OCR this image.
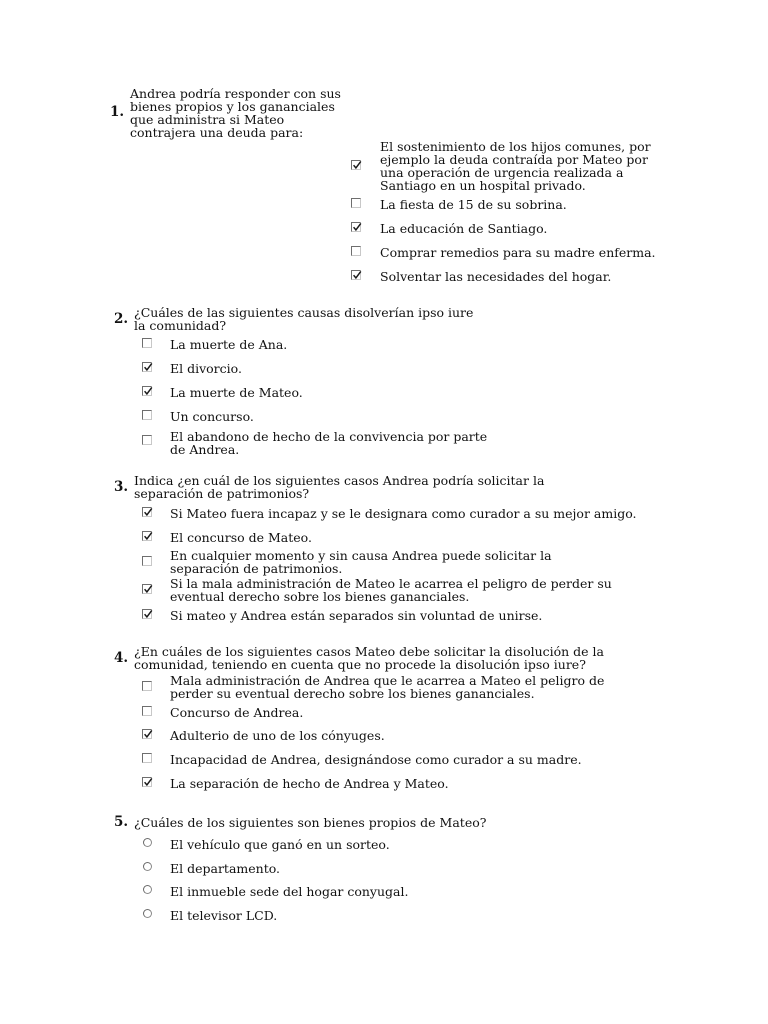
1.
Andrea podría responder con sus bienes propios y los gananciales que administra si Mateo contrajera una deuda para:
El sostenimiento de los hijos comunes, por ejemplo la deuda contraída por Mateo por una operación de urgencia realizada a Santiago en un hospital privado.
La fiesta de 15 de su sobrina.
La educación de Santiago.
Comprar remedios para su madre enferma.
Solventar las necesidades del hogar.
2. ¿Cuáles de las siguientes causas disolverían ipso iure la comunidad?
La muerte de Ana.
El divorcio.
La muerte de Mateo.
Un concurso.
El abandono de hecho de la convivencia por parte de Andrea.
3. Indica ¿en cuál de los siguientes casos Andrea podría solicitar la separación de patrimonios?
Si Mateo fuera incapaz y se le designara como curador a su mejor amigo.
El concurso de Mateo.
En cualquier momento y sin causa Andrea puede solicitar la separación de patrimonios.
Si la mala administración de Mateo le acarrea el peligro de perder su eventual derecho sobre los bienes gananciales.
Si mateo y Andrea están separados sin voluntad de unirse.
4. ¿En cuáles de los siguientes casos Mateo debe solicitar la disolución de la comunidad, teniendo en cuenta que no procede la disolución ipso iure?
Mala administración de Andrea que le acarrea a Mateo el peligro de perder su eventual derecho sobre los bienes gananciales.
Concurso de Andrea.
Adulterio de uno de los cónyuges.
Incapacidad de Andrea, designándose como curador a su madre.
La separación de hecho de Andrea y Mateo.
5. ¿Cuáles de los siguientes son bienes propios de Mateo?
El vehículo que ganó en un sorteo.
El departamento.
El inmueble sede del hogar conyugal.
El televisor LCD.
